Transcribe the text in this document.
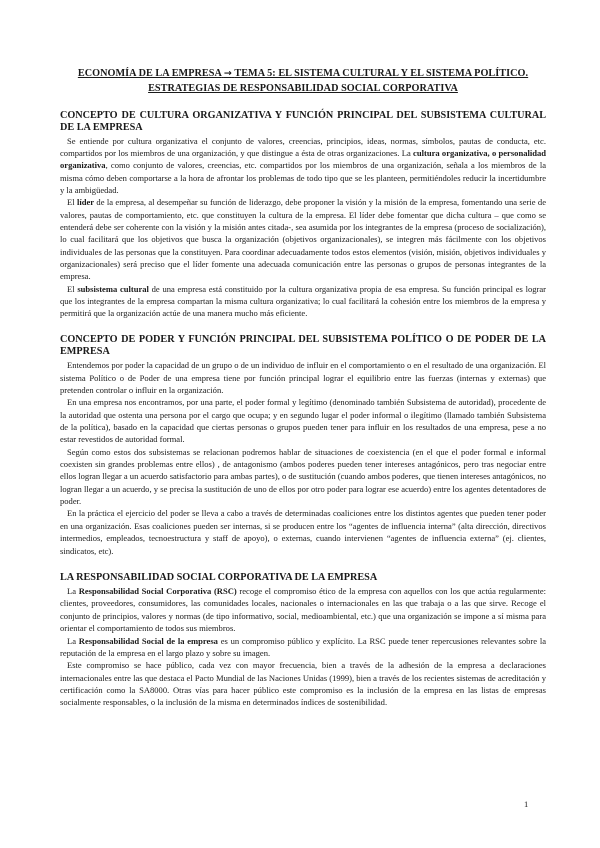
ECONOMÍA DE LA EMPRESA → TEMA 5: EL SISTEMA CULTURAL Y EL SISTEMA POLÍTICO.

ESTRATEGIAS DE RESPONSABILIDAD SOCIAL CORPORATIVA

CONCEPTO DE CULTURA ORGANIZATIVA Y FUNCIÓN PRINCIPAL DEL SUBSISTEMA CULTURAL DE LA EMPRESA

Se entiende por cultura organizativa el conjunto de valores, creencias, principios, ideas, normas, símbolos, pautas de conducta, etc. compartidos por los miembros de una organización, y que distingue a ésta de otras organizaciones. La cultura organizativa, o personalidad organizativa, como conjunto de valores, creencias, etc. compartidos por los miembros de una organización, señala a los miembros de la misma cómo deben comportarse a la hora de afrontar los problemas de todo tipo que se les planteen, permitiéndoles reducir la incertidumbre y la ambigüedad.

El líder de la empresa, al desempeñar su función de liderazgo, debe proponer la visión y la misión de la empresa, fomentando una serie de valores, pautas de comportamiento, etc. que constituyen la cultura de la empresa. El líder debe fomentar que dicha cultura – que como se entenderá debe ser coherente con la visión y la misión antes citada-, sea asumida por los integrantes de la empresa (proceso de socialización), lo cual facilitará que los objetivos que busca la organización (objetivos organizacionales), se integren más fácilmente con los objetivos individuales de las personas que la constituyen. Para coordinar adecuadamente todos estos elementos (visión, misión, objetivos individuales y organizacionales) será preciso que el líder fomente una adecuada comunicación entre las personas o grupos de personas integrantes de la empresa.

El subsistema cultural de una empresa está constituido por la cultura organizativa propia de esa empresa. Su función principal es lograr que los integrantes de la empresa compartan la misma cultura organizativa; lo cual facilitará la cohesión entre los miembros de la empresa y permitirá que la organización actúe de una manera mucho más eficiente.

CONCEPTO DE PODER Y FUNCIÓN PRINCIPAL DEL SUBSISTEMA POLÍTICO O DE PODER DE LA EMPRESA

Entendemos por poder la capacidad de un grupo o de un individuo de influir en el comportamiento o en el resultado de una organización. El sistema Político o de Poder de una empresa tiene por función principal lograr el equilibrio entre las fuerzas (internas y externas) que pretenden controlar o influir en la organización.

En una empresa nos encontramos, por una parte, el poder formal y legítimo (denominado también Subsistema de autoridad), procedente de la autoridad que ostenta una persona por el cargo que ocupa; y en segundo lugar el poder informal o ilegítimo (llamado también Subsistema de la política), basado en la capacidad que ciertas personas o grupos pueden tener para influir en los resultados de una empresa, pese a no estar revestidos de autoridad formal.

Según como estos dos subsistemas se relacionan podremos hablar de situaciones de coexistencia (en el que el poder formal e informal coexisten sin grandes problemas entre ellos) , de antagonismo (ambos poderes pueden tener intereses antagónicos, pero tras negociar entre ellos logran llegar a un acuerdo satisfactorio para ambas partes), o de sustitución (cuando ambos poderes, que tienen intereses antagónicos, no logran llegar a un acuerdo, y se precisa la sustitución de uno de ellos por otro poder para lograr ese acuerdo) entre los agentes detentadores de poder.

En la práctica el ejercicio del poder se lleva a cabo a través de determinadas coaliciones entre los distintos agentes que pueden tener poder en una organización. Esas coaliciones pueden ser internas, si se producen entre los “agentes de influencia interna” (alta dirección, directivos intermedios, empleados, tecnoestructura y staff de apoyo), o externas, cuando intervienen “agentes de influencia externa” (ej. clientes, sindicatos, etc).

LA RESPONSABILIDAD SOCIAL CORPORATIVA DE LA EMPRESA

La Responsabilidad Social Corporativa (RSC) recoge el compromiso ético de la empresa con aquellos con los que actúa regularmente: clientes, proveedores, consumidores, las comunidades locales, nacionales o internacionales en las que trabaja o a las que sirve. Recoge el conjunto de principios, valores y normas (de tipo informativo, social, medioambiental, etc.) que una organización se impone a sí misma para orientar el comportamiento de todos sus miembros.

La Responsabilidad Social de la empresa es un compromiso público y explícito. La RSC puede tener repercusiones relevantes sobre la reputación de la empresa en el largo plazo y sobre su imagen.

Este compromiso se hace público, cada vez con mayor frecuencia, bien a través de la adhesión de la empresa a declaraciones internacionales entre las que destaca el Pacto Mundial de las Naciones Unidas (1999), bien a través de los recientes sistemas de acreditación y certificación como la SA8000. Otras vías para hacer público este compromiso es la inclusión de la empresa en las listas de empresas socialmente responsables, o la inclusión de la misma en determinados índices de sostenibilidad.

1
